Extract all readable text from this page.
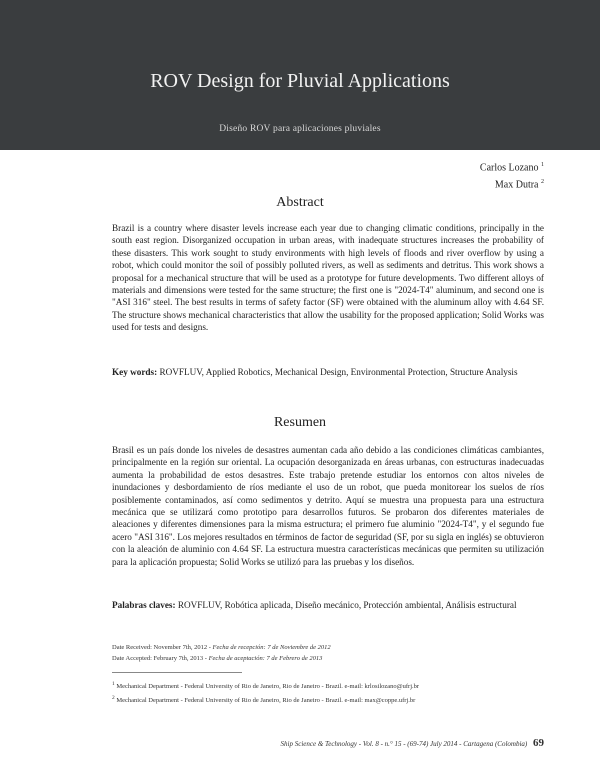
ROV Design for Pluvial Applications
Diseño ROV para aplicaciones pluviales
Carlos Lozano $^1$
Max Dutra $^2$
Abstract
Brazil is a country where disaster levels increase each year due to changing climatic conditions, principally in the south east region. Disorganized occupation in urban areas, with inadequate structures increases the probability of these disasters. This work sought to study environments with high levels of floods and river overflow by using a robot, which could monitor the soil of possibly polluted rivers, as well as sediments and detritus. This work shows a proposal for a mechanical structure that will be used as a prototype for future developments. Two different alloys of materials and dimensions were tested for the same structure; the first one is "2024-T4" aluminum, and second one is "ASI 316" steel. The best results in terms of safety factor (SF) were obtained with the aluminum alloy with 4.64 SF. The structure shows mechanical characteristics that allow the usability for the proposed application; Solid Works was used for tests and designs.
Key words: ROVFLUV, Applied Robotics, Mechanical Design, Environmental Protection, Structure Analysis
Resumen
Brasil es un país donde los niveles de desastres aumentan cada año debido a las condiciones climáticas cambiantes, principalmente en la región sur oriental. La ocupación desorganizada en áreas urbanas, con estructuras inadecuadas aumenta la probabilidad de estos desastres. Este trabajo pretende estudiar los entornos con altos niveles de inundaciones y desbordamiento de ríos mediante el uso de un robot, que pueda monitorear los suelos de ríos posiblemente contaminados, así como sedimentos y detrito. Aquí se muestra una propuesta para una estructura mecánica que se utilizará como prototipo para desarrollos futuros. Se probaron dos diferentes materiales de aleaciones y diferentes dimensiones para la misma estructura; el primero fue aluminio "2024-T4", y el segundo fue acero "ASI 316". Los mejores resultados en términos de factor de seguridad (SF, por su sigla en inglés) se obtuvieron con la aleación de aluminio con 4.64 SF. La estructura muestra características mecánicas que permiten su utilización para la aplicación propuesta; Solid Works se utilizó para las pruebas y los diseños.
Palabras claves: ROVFLUV, Robótica aplicada, Diseño mecánico, Protección ambiental, Análisis estructural
Date Received: November 7th, 2012 - Fecha de recepción: 7 de Noviembre de 2012
Date Accepted: February 7th, 2013 - Fecha de aceptación: 7 de Febrero de 2013
$^1$ Mechanical Department - Federal University of Rio de Janeiro, Rio de Janeiro - Brazil. e-mail: krlosilozano@ufrj.br
$^2$ Mechanical Department - Federal University of Rio de Janeiro, Rio de Janeiro - Brazil. e-mail: max@coppe.ufrj.br
Ship Science & Technology - Vol. 8 - n.° 15 - (69-74) July 2014 - Cartagena (Colombia) 69
